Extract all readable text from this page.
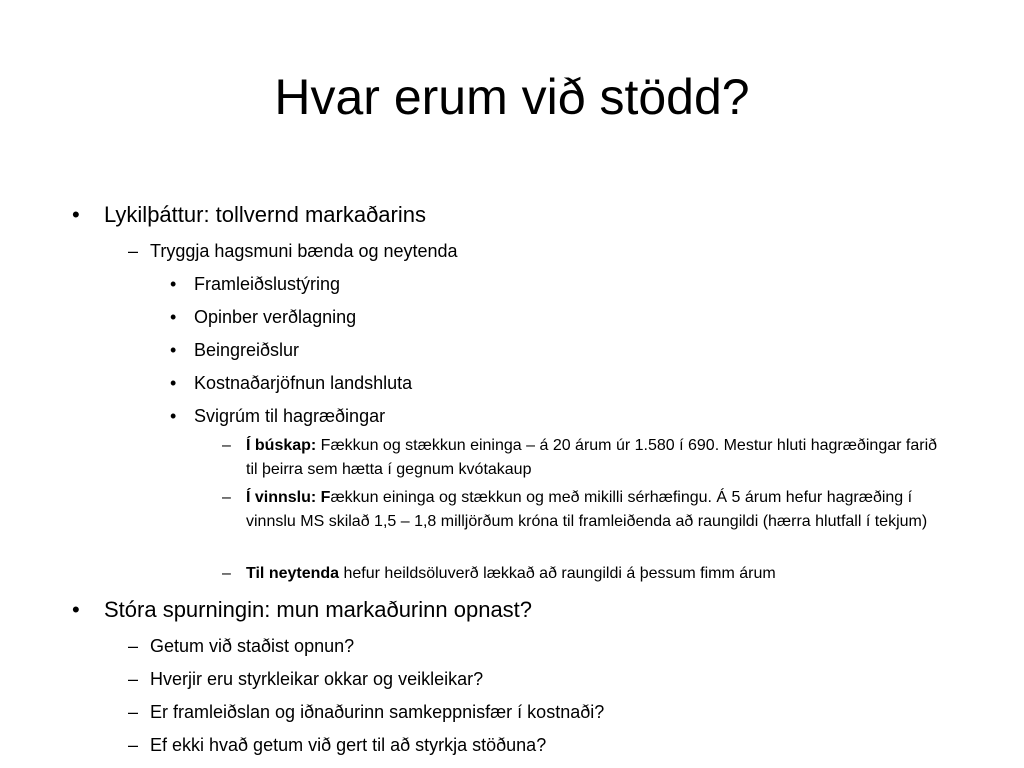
Hvar erum við stödd?
• Lykilþáttur: tollvernd markaðarins
– Tryggja hagsmuni bænda og neytenda
• Framleiðslustýring
• Opinber verðlagning
• Beingreiðslur
• Kostnaðarjöfnun landshluta
• Svigrúm til hagræðingar
– Í búskap: Fækkun og stækkun eininga – á 20 árum úr 1.580 í 690. Mestur hluti hagræðingar farið til þeirra sem hætta í gegnum kvótakaup
– Í vinnslu: Fækkun eininga og stækkun og með mikilli sérhæfingu. Á 5 árum hefur hagræðing í vinnslu MS skilað 1,5 – 1,8 milljörðum króna til framleiðenda að raungildi (hærra hlutfall í tekjum)
– Til neytenda hefur heildsöluverð lækkað að raungildi á þessum fimm árum
• Stóra spurningin: mun markaðurinn opnast?
– Getum við staðist opnun?
– Hverjir eru styrkleikar okkar og veikleikar?
– Er framleiðslan og iðnaðurinn samkeppnisfær í kostnaði?
– Ef ekki hvað getum við gert til að styrkja stöðuna?
